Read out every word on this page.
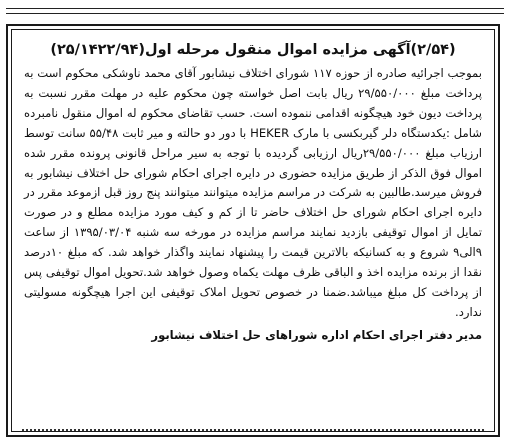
(۲/۵۴)آگهی مزایده اموال منقول مرحله اول(۲۵/۱۴۲۲/۹۴)

بموجب اجرائیه صادره از حوزه ۱۱۷ شورای اختلاف نیشابور آقای محمد ناوشکی محکوم است به پرداخت مبلغ ۲۹/۵۵۰/۰۰۰ ریال بابت اصل خواسته چون محکوم علیه در مهلت مقرر نسبت به پرداخت دیون خود هیچگونه اقدامی ننموده است. حسب تقاضای محکوم له اموال منقول نامبرده شامل :یکدستگاه دلر گیربکسی با مارک HEKER با دور دو حالته و میر ثابت ۵۵/۴۸ سانت توسط ارزیاب مبلغ ۲۹/۵۵۰/۰۰۰ریال ارزیابی گردیده با توجه به سیر مراحل قانونی پرونده مقرر شده اموال فوق الذکر از طریق مزایده حضوری در دایره اجرای احکام شورای حل اختلاف نیشابور به فروش میرسد.طالبین به شرکت در مراسم مزایده میتوانند میتوانند پنج روز قبل ازموعد مقرر در دایره اجرای احکام شورای حل اختلاف حاضر تا از کم و کیف مورد مزایده مطلع و در صورت تمایل از اموال توقیفی بازدید نمایند مراسم مزایده در مورخه سه شنبه ۱۳۹۵/۰۳/۰۴ از ساعت ۹الی۹ شروع و به کسانیکه بالاترین قیمت را پیشنهاد نمایند واگذار خواهد شد. که مبلغ ۱۰درصد نقدا از برنده مزایده اخذ و الباقی ظرف مهلت یکماه وصول خواهد شد.تحویل اموال توقیفی پس از پرداخت کل مبلغ میباشد.ضمنا در خصوص تحویل املاک توقیفی این اجرا هیچگونه مسولیتی ندارد.

مدیر دفتر اجرای احکام اداره شوراهای حل اختلاف نیشابور
